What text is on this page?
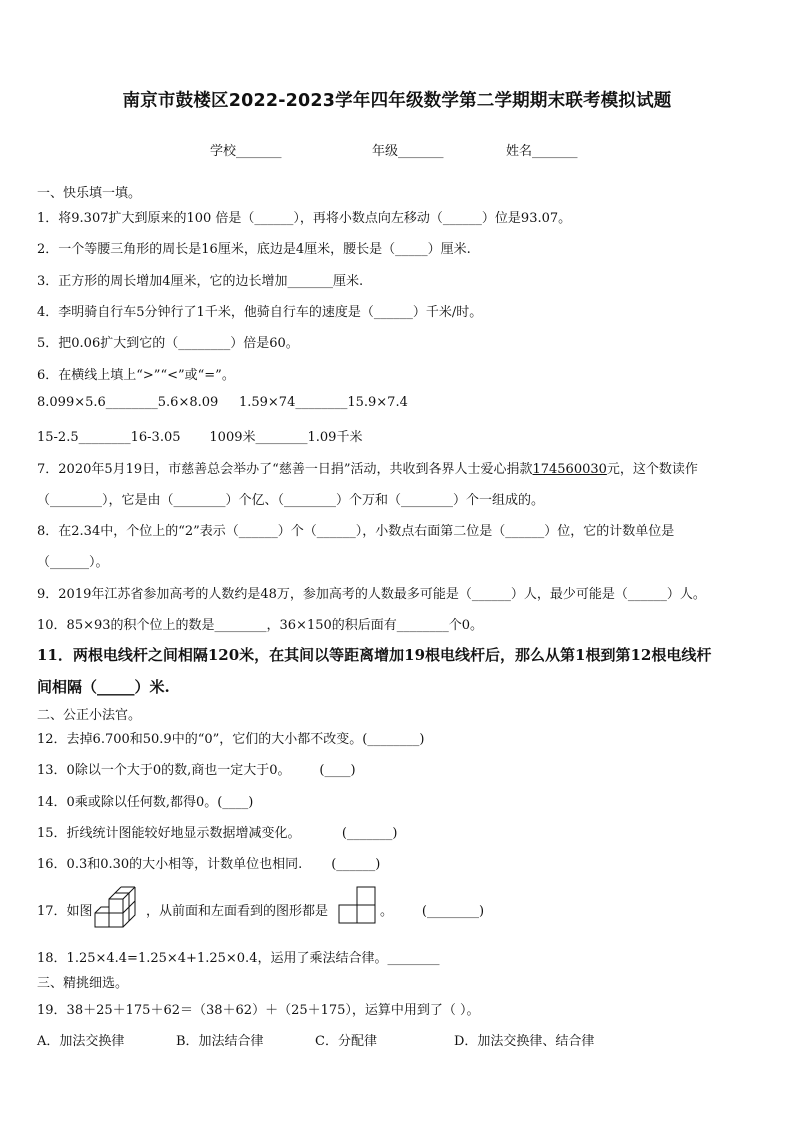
南京市鼓楼区2022-2023学年四年级数学第二学期期末联考模拟试题
学校_______	年级_______	姓名_______
一、快乐填一填。
1．将9.307扩大到原来的100 倍是（______），再将小数点向左移动（______）位是93.07。
2．一个等腰三角形的周长是16厘米，底边是4厘米，腰长是（_____）厘米.
3．正方形的周长增加4厘米，它的边长增加_______厘米.
4．李明骑自行车5分钟行了1千米，他骑自行车的速度是（______）千米/时。
5．把0.06扩大到它的（________）倍是60。
6．在横线上填上“>”“<”或“=”。
8.099×5.6________5.6×8.09     1.59×74________15.9×7.4
15-2.5________16-3.05       1009米________1.09千米
7．2020年5月19日，市慈善总会举办了“慈善一日捐”活动，共收到各界人士爱心捐款174560030元，这个数读作
（________），它是由（________）个亿、（________）个万和（________）个一组成的。
8．在2.34中，个位上的“2”表示（______）个（______），小数点右面第二位是（______）位，它的计数单位是
（______）。
9．2019年江苏省参加高考的人数约是48万，参加高考的人数最多可能是（______）人，最少可能是（______）人。
10．85×93的积个位上的数是________，36×150的积后面有________个0。
11．两根电线杆之间相隔120米，在其间以等距离增加19根电线杆后，那么从第1根到第12根电线杆
间相隔（_____）米.
二、公正小法官。
12．去掉6.700和50.9中的“0”，它们的大小都不改变。(________)
13．0除以一个大于0的数,商也一定大于0。       (____)
14．0乘或除以任何数,都得0。(____)
15．折线统计图能较好地显示数据增减变化。          (_______)
16．0.3和0.30的大小相等，计数单位也相同.       (______)
17．如图	，从前面和左面看到的图形都是	。       (________)
18．1.25×4.4=1.25×4+1.25×0.4，运用了乘法结合律。________
三、精挑细选。
19．38＋25＋175＋62＝（38＋62）＋（25＋175），运算中用到了（ ）。
A．加法交换律	B．加法结合律	C．分配律	D．加法交换律、结合律
